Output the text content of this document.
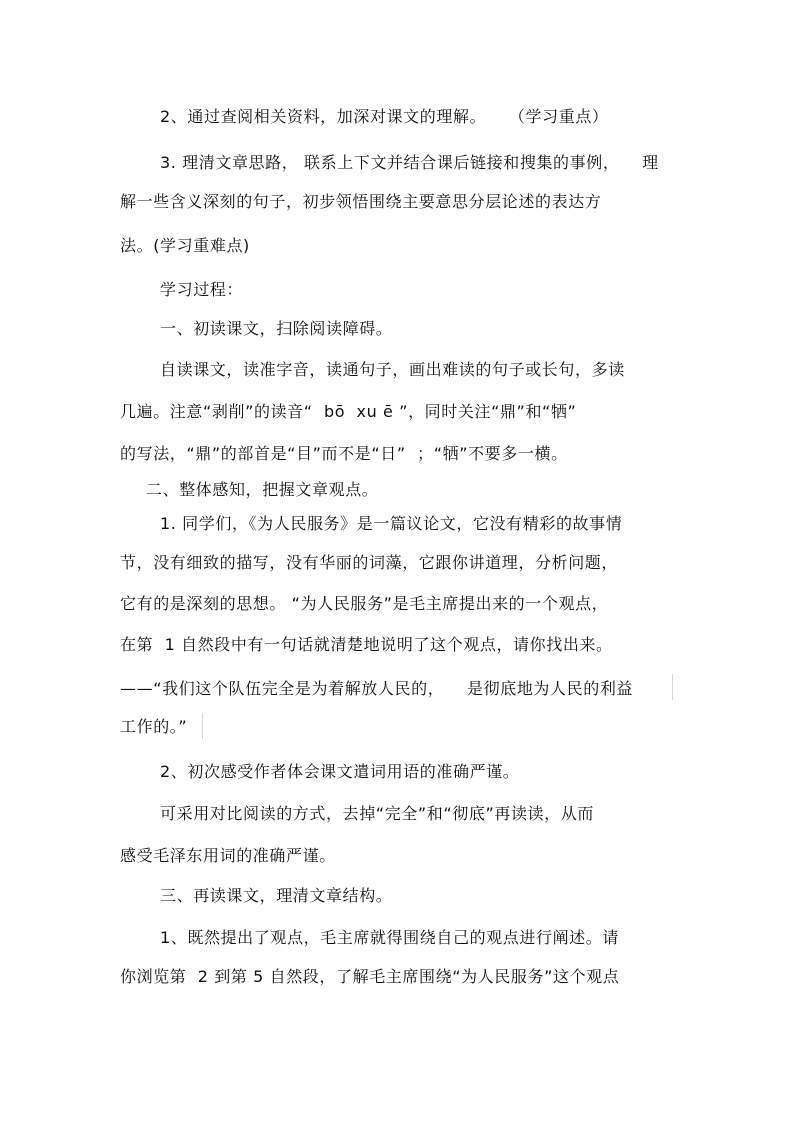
2、通过查阅相关资料，加深对课文的理解。    （学习重点）
3. 理清文章思路， 联系上下文并结合课后链接和搜集的事例，    理
解一些含义深刻的句子，初步领悟围绕主要意思分层论述的表达方
法。(学习重难点)
学习过程：
一、初读课文，扫除阅读障碍。
自读课文，读准字音，读通句子，画出难读的句子或长句，多读
几遍。注意“剥削”的读音“  bō  xu ē ”，同时关注“鼎”和“牺”
的写法，“鼎”的部首是“目”而不是“日”  ；“牺”不要多一横。
二、整体感知，把握文章观点。
1. 同学们，《为人民服务》是一篇议论文，它没有精彩的故事情
节，没有细致的描写，没有华丽的词藻，它跟你讲道理，分析问题，
它有的是深刻的思想。 “为人民服务”是毛主席提出来的一个观点，
在第  1 自然段中有一句话就清楚地说明了这个观点，请你找出来。
——“我们这个队伍完全是为着解放人民的，    是彻底地为人民的利益
工作的。”
2、初次感受作者体会课文遣词用语的准确严谨。
可采用对比阅读的方式，去掉“完全”和“彻底”再读读，从而
感受毛泽东用词的准确严谨。
三、再读课文，理清文章结构。
1、既然提出了观点，毛主席就得围绕自己的观点进行阐述。请
你浏览第  2 到第 5 自然段，了解毛主席围绕“为人民服务”这个观点
